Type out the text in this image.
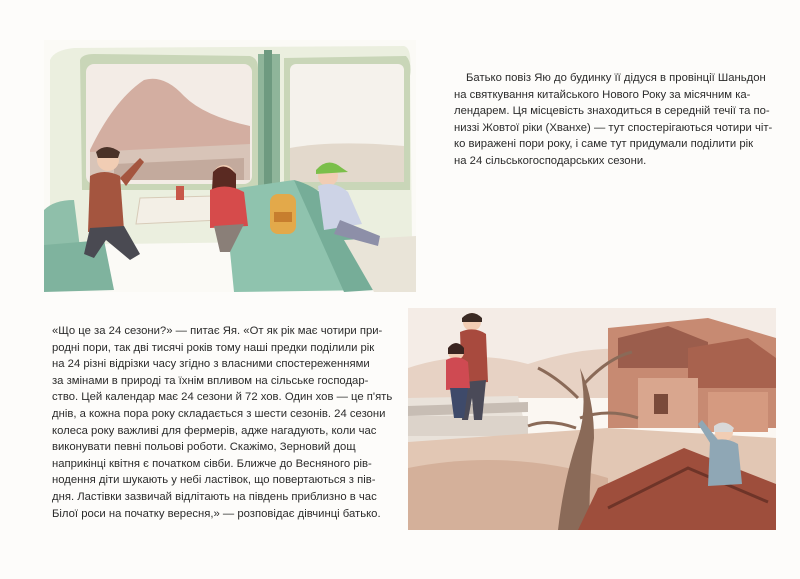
Батько повіз Яю до будинку її дідуся в провінції Шаньдон
на святкування китайського Нового Року за місячним ка-
лендарем. Ця місцевість знаходиться в середній течії та по-
низзі Жовтої ріки (Хванхе) — тут спостерігаються чотири чіт-
ко виражені пори року, і саме тут придумали поділити рік
на 24 сільськогосподарських сезони.
«Що це за 24 сезони?» — питає Яя. «От як рік має чотири при-
родні пори, так дві тисячі років тому наші предки поділили рік
на 24 різні відрізки часу згідно з власними спостереженнями
за змінами в природі та їхнім впливом на сільське господар-
ство. Цей календар має 24 сезони й 72 хов. Один хов — це п'ять
днів, а кожна пора року складається з шести сезонів. 24 сезони
колеса року важливі для фермерів, адже нагадують, коли час
виконувати певні польові роботи. Скажімо, Зерновий дощ
наприкінці квітня є початком сівби. Ближче до Весняного рів-
нодення діти шукають у небі ластівок, що повертаються з пів-
дня. Ластівки зазвичай відлітають на південь приблизно в час
Білої роси на початку вересня,» — розповідає дівчинці батько.
